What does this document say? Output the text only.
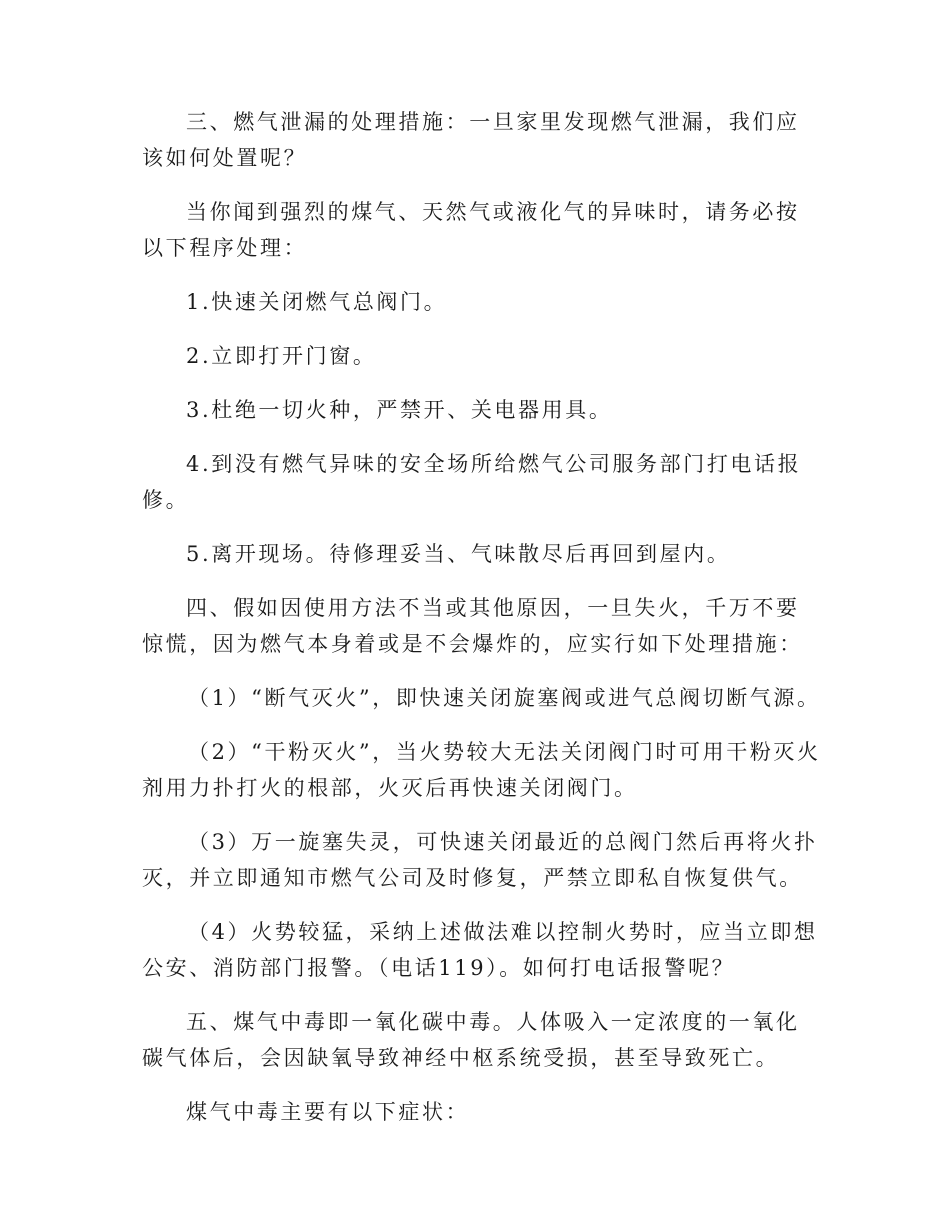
三、燃气泄漏的处理措施：一旦家里发现燃气泄漏，我们应该如何处置呢？

当你闻到强烈的煤气、天然气或液化气的异味时，请务必按以下程序处理：

1.快速关闭燃气总阀门。

2.立即打开门窗。

3.杜绝一切火种，严禁开、关电器用具。

4.到没有燃气异味的安全场所给燃气公司服务部门打电话报修。

5.离开现场。待修理妥当、气味散尽后再回到屋内。

四、假如因使用方法不当或其他原因，一旦失火，千万不要惊慌，因为燃气本身着或是不会爆炸的，应实行如下处理措施：

（1）“断气灭火”，即快速关闭旋塞阀或进气总阀切断气源。

（2）“干粉灭火”，当火势较大无法关闭阀门时可用干粉灭火剂用力扑打火的根部，火灭后再快速关闭阀门。

（3）万一旋塞失灵，可快速关闭最近的总阀门然后再将火扑灭，并立即通知市燃气公司及时修复，严禁立即私自恢复供气。

（4）火势较猛，采纳上述做法难以控制火势时，应当立即想公安、消防部门报警。（电话119）。如何打电话报警呢？

五、煤气中毒即一氧化碳中毒。人体吸入一定浓度的一氧化碳气体后，会因缺氧导致神经中枢系统受损，甚至导致死亡。

煤气中毒主要有以下症状：
